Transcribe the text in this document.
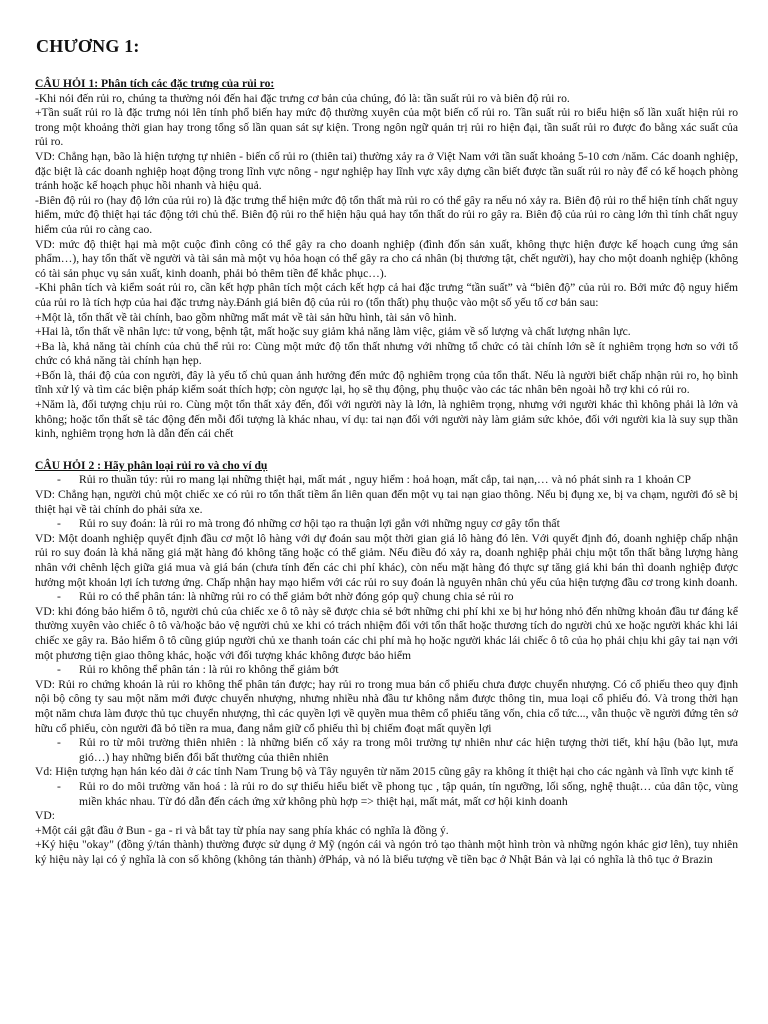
CHƯƠNG 1:

CÂU HỎI 1: Phân tích các đặc trưng của rủi ro:

-Khi nói đến rủi ro, chúng ta thường nói đến hai đặc trưng cơ bản của chúng, đó là: tần suất rủi ro và biên độ rủi ro.

+Tần suất rủi ro là đặc trưng nói lên tính phổ biến hay mức độ thường xuyên của một biến cố rủi ro. Tần suất rủi ro biểu hiện số lần xuất hiện rủi ro trong một khoảng thời gian hay trong tổng số lần quan sát sự kiện. Trong ngôn ngữ quản trị rủi ro hiện đại, tần suất rủi ro được đo bằng xác suất của rủi ro.

VD: Chẳng hạn, bão là hiện tượng tự nhiên - biến cố rủi ro (thiên tai) thường xảy ra ở Việt Nam với tần suất khoảng 5-10 cơn /năm. Các doanh nghiệp, đặc biệt là các doanh nghiệp hoạt động trong lĩnh vực nông - ngư nghiệp hay lĩnh vực xây dựng cần biết được tần suất rủi ro này để có kế hoạch phòng tránh hoặc kế hoạch phục hồi nhanh và hiệu quả.

-Biên độ rủi ro (hay độ lớn của rủi ro) là đặc trưng thể hiện mức độ tổn thất mà rủi ro có thể gây ra nếu nó xảy ra. Biên độ rủi ro thể hiện tính chất nguy hiểm, mức độ thiệt hại tác động tới chủ thể. Biên độ rủi ro thể hiện hậu quả hay tổn thất do rủi ro gây ra. Biên độ của rủi ro càng lớn thì tính chất nguy hiểm của rủi ro càng cao.

VD: mức độ thiệt hại mà một cuộc đình công có thể gây ra cho doanh nghiệp (đình đốn sản xuất, không thực hiện được kế hoạch cung ứng sản phẩm…), hay tổn thất về người và tài sản mà một vụ hỏa hoạn có thể gây ra cho cá nhân (bị thương tật, chết người), hay cho một doanh nghiệp (không có tài sản phục vụ sản xuất, kinh doanh, phải bỏ thêm tiền để khắc phục…).

-Khi phân tích và kiểm soát rủi ro, cần kết hợp phân tích một cách kết hợp cả hai đặc trưng “tần suất” và “biên độ” của rủi ro. Bởi mức độ nguy hiểm của rủi ro là tích hợp của hai đặc trưng này.Đánh giá biên độ của rủi ro (tổn thất) phụ thuộc vào một số yếu tố cơ bản sau:

+Một là, tổn thất về tài chính, bao gồm những mất mát về tài sản hữu hình, tài sản vô hình.

+Hai là, tổn thất về nhân lực: tử vong, bệnh tật, mất hoặc suy giảm khả năng làm việc, giảm về số lượng và chất lượng nhân lực.

+Ba là, khả năng tài chính của chủ thể rủi ro: Cùng một mức độ tổn thất nhưng với những tổ chức có tài chính lớn sẽ ít nghiêm trọng hơn so với tổ chức có khả năng tài chính hạn hẹp.

+Bốn là, thái độ của con người, đây là yếu tố chủ quan ảnh hưởng đến mức độ nghiêm trọng của tổn thất. Nếu là người biết chấp nhận rủi ro, họ bình tĩnh xử lý và tìm các biện pháp kiểm soát thích hợp; còn ngược lại, họ sẽ thụ động, phụ thuộc vào các tác nhân bên ngoài hỗ trợ khi có rủi ro.

+Năm là, đối tượng chịu rủi ro. Cùng một tổn thất xảy đến, đối với người này là lớn, là nghiêm trọng, nhưng với người khác thì không phải là lớn và không; hoặc tổn thất sẽ tác động đến mỗi đối tượng là khác nhau, ví dụ: tai nạn đối với người này làm giảm sức khỏe, đối với người kia là suy sụp thần kinh, nghiêm trọng hơn là dẫn đến cái chết

CÂU HỎI 2 : Hãy phân loại rủi ro và cho ví dụ

- Rủi ro thuần túy: rủi ro mang lại những thiệt hại, mất mát , nguy hiểm : hoả hoạn, mất cắp, tai nạn,… và nó phát sinh ra 1 khoản CP

VD: Chẳng hạn, người chủ một chiếc xe có rủi ro tổn thất tiềm ẩn liên quan đến một vụ tai nạn giao thông. Nếu bị đụng xe, bị va chạm, người đó sẽ bị thiệt hại về tài chính do phải sửa xe.

- Rủi ro suy đoán: là rủi ro mà trong đó những cơ hội tạo ra thuận lợi gắn với những nguy cơ gây tổn thất

VD: Một doanh nghiệp quyết định đầu cơ một lô hàng với dự đoán sau một thời gian giá lô hàng đó lên. Với quyết định đó, doanh nghiệp chấp nhận rủi ro suy đoán là khả năng giá mặt hàng đó không tăng hoặc có thể giảm. Nếu điều đó xảy ra, doanh nghiệp phải chịu một tổn thất bằng lượng hàng nhân với chênh lệch giữa giá mua và giá bán (chưa tính đến các chi phí khác), còn nếu mặt hàng đó thực sự tăng giá khi bán thì doanh nghiệp được hưởng một khoản lợi ích tương ứng. Chấp nhận hay mạo hiểm với các rủi ro suy đoán là nguyên nhân chủ yếu của hiện tượng đầu cơ trong kinh doanh.

- Rủi ro có thể phân tán: là những rủi ro có thể giảm bớt nhờ đóng góp quỹ chung chia sẻ rủi ro

VD: khi đóng bảo hiểm ô tô, người chủ của chiếc xe ô tô này sẽ được chia sẻ bớt những chi phí khi xe bị hư hỏng nhỏ đến những khoản đầu tư đáng kể thường xuyên vào chiếc ô tô và/hoặc bảo vệ người chủ xe khi có trách nhiệm đối với tổn thất hoặc thương tích do người chủ xe hoặc người khác khi lái chiếc xe gây ra. Bảo hiểm ô tô cũng giúp người chủ xe thanh toán các chi phí mà họ hoặc người khác lái chiếc ô tô của họ phải chịu khi gây tai nạn với một phương tiện giao thông khác, hoặc với đối tượng khác không được bảo hiểm

- Rủi ro không thể phân tán : là rủi ro không thể giảm bớt

VD: Rủi ro chứng khoán là rủi ro không thể phân tán được; hay rủi ro trong mua bán cổ phiếu chưa được chuyển nhượng. Có cổ phiếu theo quy định nội bộ công ty sau một năm mới được chuyển nhượng, nhưng nhiều nhà đầu tư không nắm được thông tin, mua loại cổ phiếu đó. Và trong thời hạn một năm chưa làm được thủ tục chuyển nhượng, thì các quyền lợi về quyền mua thêm cổ phiếu tăng vốn, chia cổ tức..., vẫn thuộc về người đứng tên sở hữu cổ phiếu, còn người đã bỏ tiền ra mua, đang nắm giữ cổ phiếu thì bị chiếm đoạt mất quyền lợi

- Rủi ro từ môi trường thiên nhiên : là những biến cố xảy ra trong môi trường tự nhiên như các hiện tượng thời tiết, khí hậu (bão lụt, mưa gió…) hay những biến đổi bất thường của thiên nhiên

Vd: Hiện tượng hạn hán kéo dài ở các tỉnh Nam Trung bộ và Tây nguyên từ năm 2015 cũng gây ra không ít thiệt hại cho các ngành và lĩnh vực kinh tế

- Rủi ro do môi trường văn hoá : là rủi ro do sự thiếu hiểu biết về phong tục , tập quán, tín ngưỡng, lối sống, nghệ thuật… của dân tộc, vùng miền khác nhau. Từ đó dẫn đến cách ứng xử không phù hợp => thiệt hại, mất mát, mất cơ hội kinh doanh

VD:

+Một cái gật đầu ở Bun - ga - ri và bắt tay từ phía nay sang phía khác có nghĩa là đồng ý.

+Ký hiệu "okay" (đồng ý/tán thành) thường được sử dụng ở Mỹ (ngón cái và ngón trỏ tạo thành một hình tròn và những ngón khác giơ lên), tuy nhiên ký hiệu này lại có ý nghĩa là con số không (không tán thành) ởPháp, và nó là biểu tượng về tiền bạc ở Nhật Bản và lại có nghĩa là thô tục ở Brazin
